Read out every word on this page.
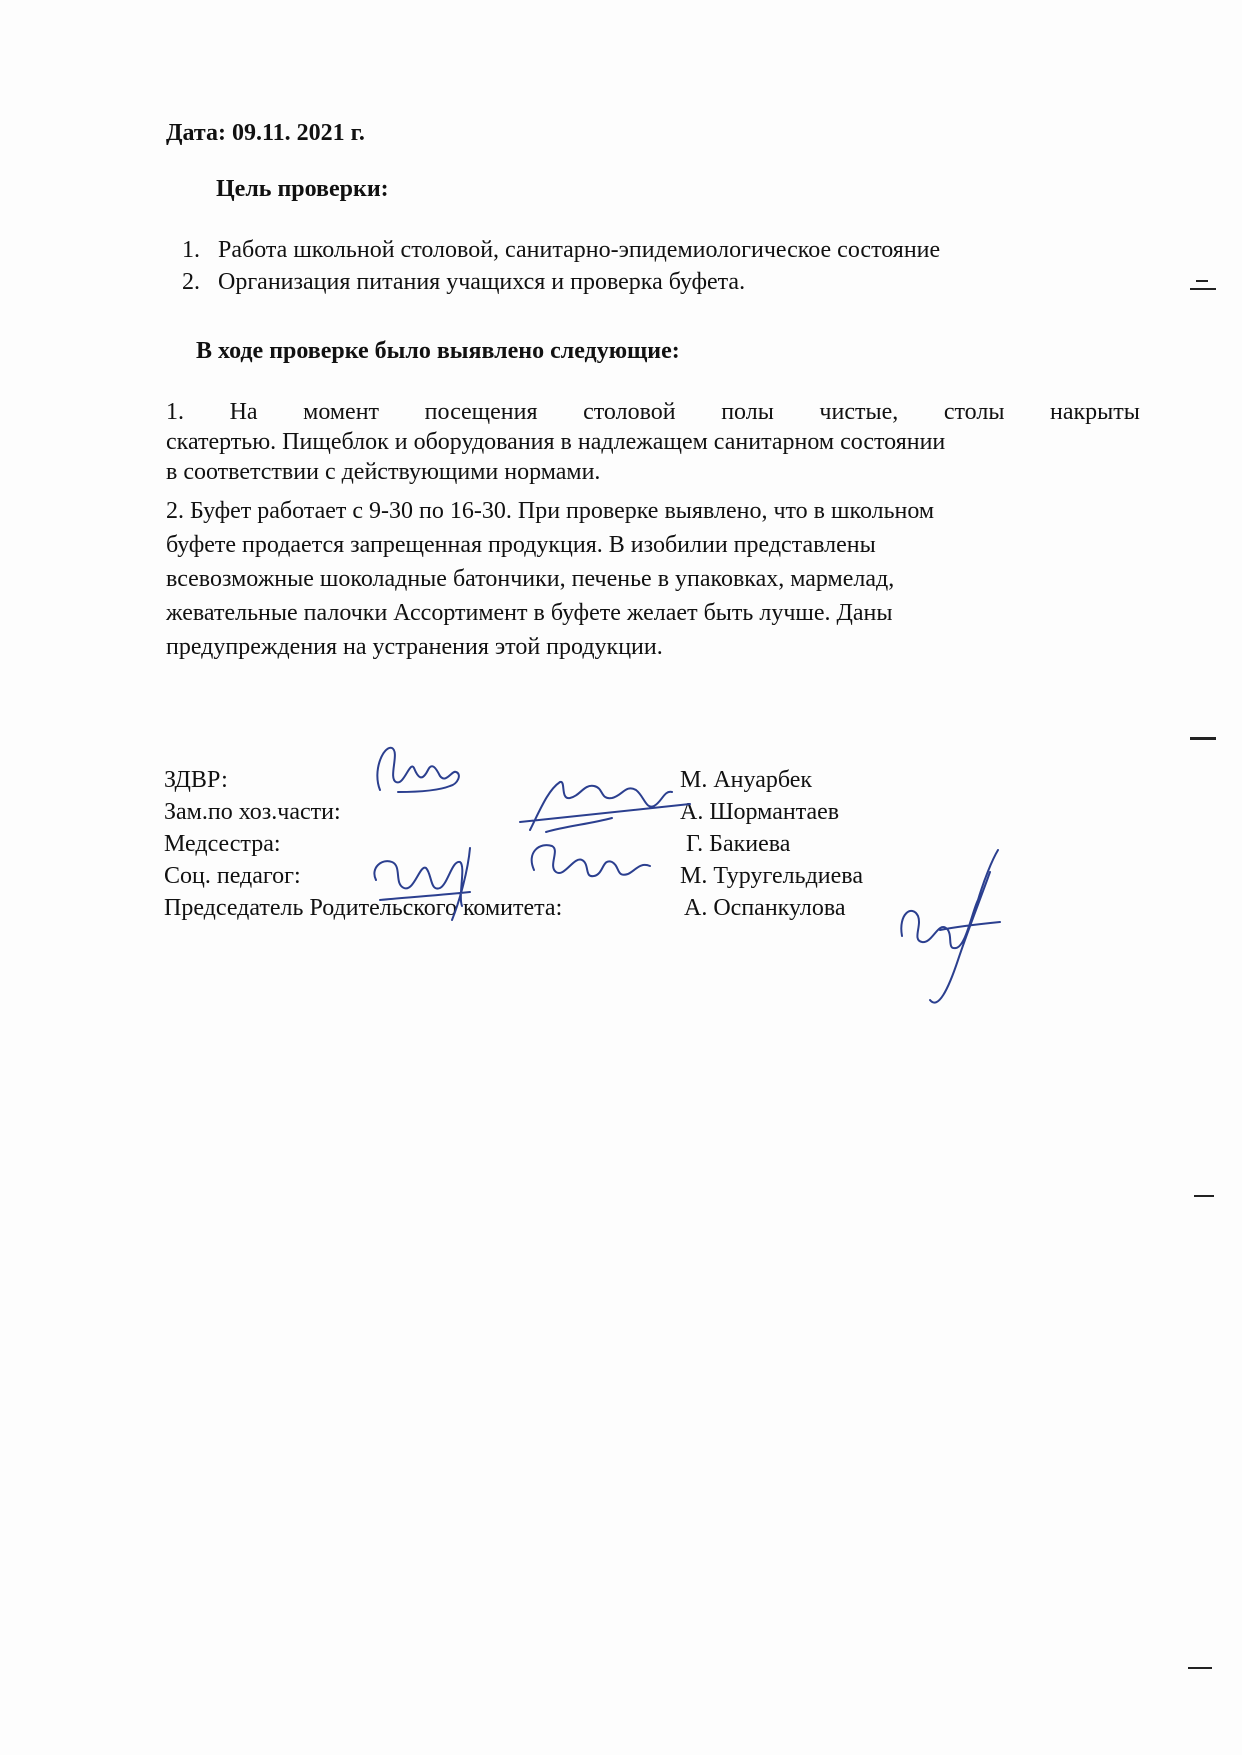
Дата: 09.11. 2021 г.
Цель проверки:
1. Работа школьной столовой, санитарно-эпидемиологическое состояние
2. Организация питания учащихся и проверка буфета.
В ходе проверке было выявлено следующие:
1. На момент посещения столовой полы чистые, столы накрыты
скатертью. Пищеблок и оборудования в надлежащем санитарном состоянии
в соответствии с действующими нормами.
2. Буфет работает с 9-30 по 16-30. При проверке выявлено, что в школьном
буфете продается запрещенная продукция. В изобилии представлены
всевозможные шоколадные батончики, печенье в упаковках, мармелад,
жевательные палочки Ассортимент в буфете желает быть лучше. Даны
предупреждения на устранения этой продукции.
ЗДВР:	М. Ануарбек
Зам.по хоз.части:	А. Шормантаев
Медсестра:	Г. Бакиева
Соц. педагог:	М. Туругельдиева
Председатель Родительского комитета:	А. Оспанкулова
